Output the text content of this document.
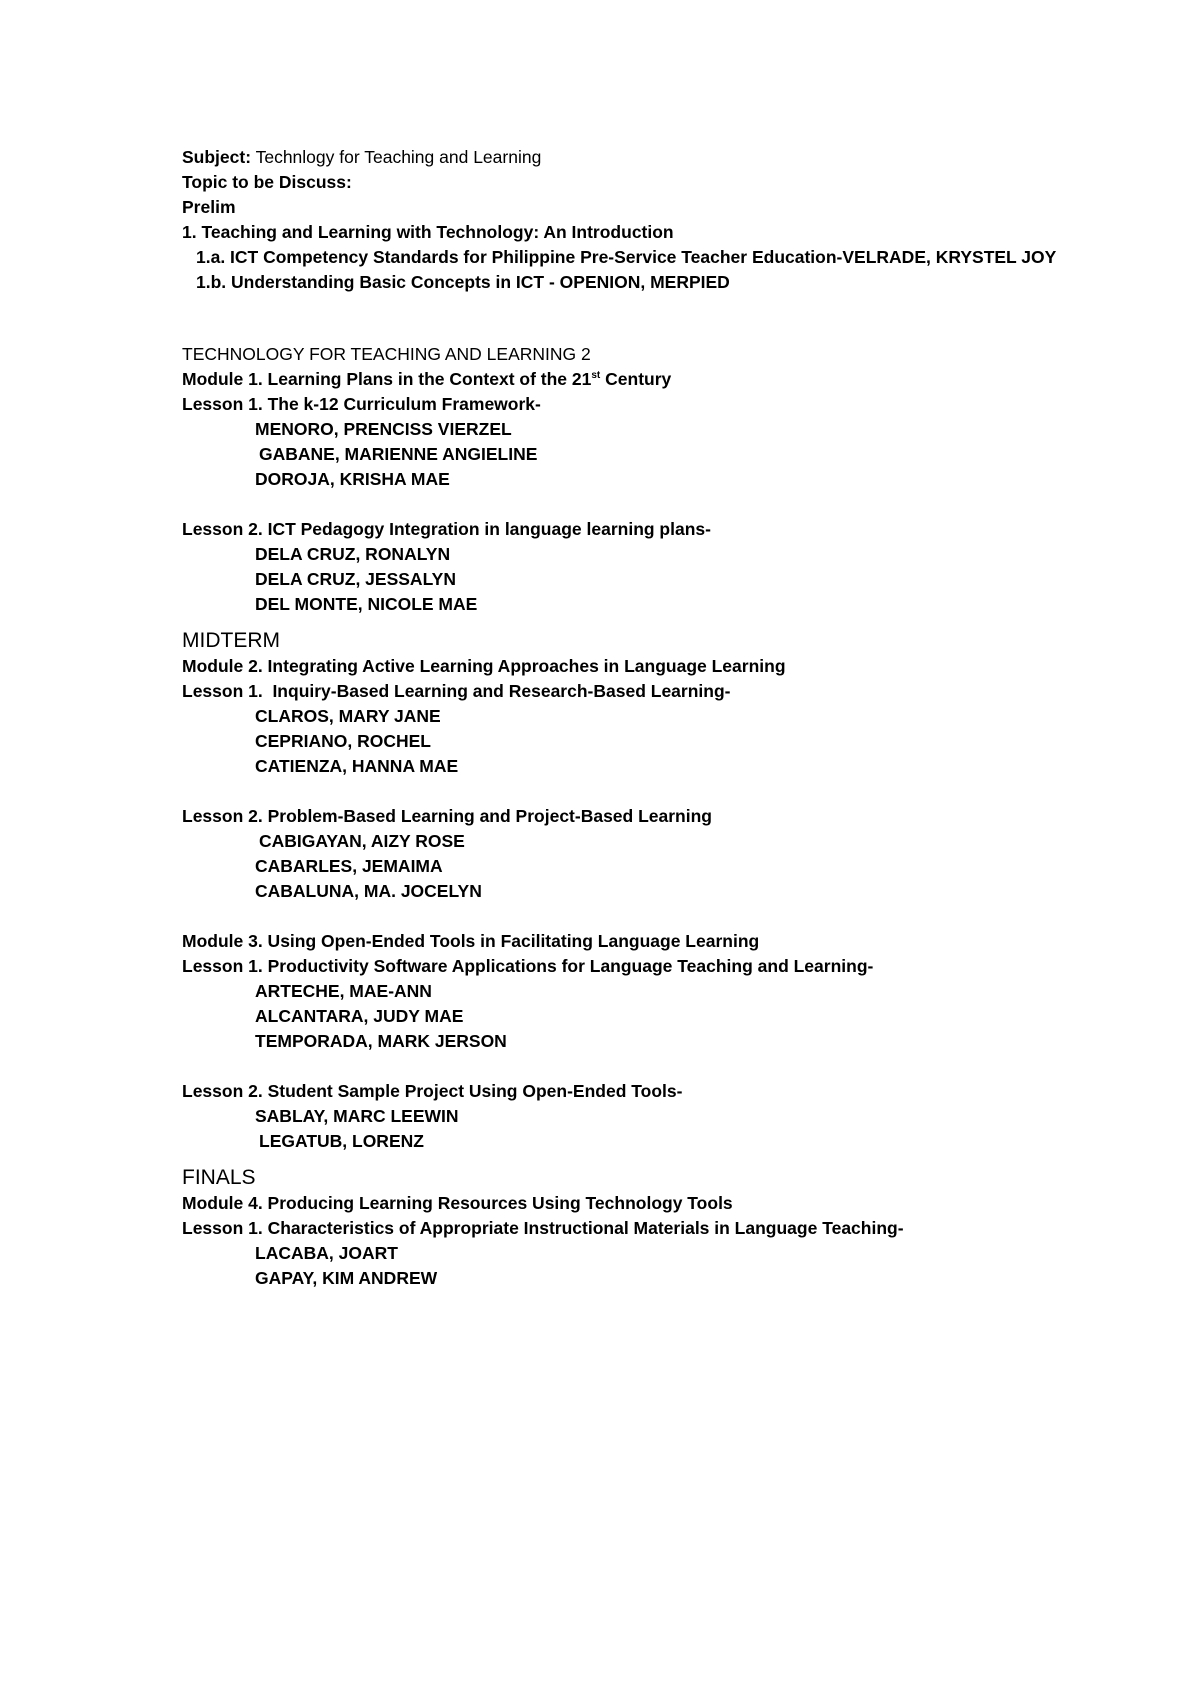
Subject: Technlogy for Teaching and Learning
Topic to be Discuss:
Prelim
1. Teaching and Learning with Technology: An Introduction
1.a. ICT Competency Standards for Philippine Pre-Service Teacher Education-VELRADE, KRYSTEL JOY
1.b. Understanding Basic Concepts in ICT - OPENION, MERPIED
TECHNOLOGY FOR TEACHING AND LEARNING 2
Module 1. Learning Plans in the Context of the 21st Century
Lesson 1. The k-12 Curriculum Framework-
MENORO, PRENCISS VIERZEL
GABANE, MARIENNE ANGIELINE
DOROJA, KRISHA MAE
Lesson 2. ICT Pedagogy Integration in language learning plans-
DELA CRUZ, RONALYN
DELA CRUZ, JESSALYN
DEL MONTE, NICOLE MAE
MIDTERM
Module 2. Integrating Active Learning Approaches in Language Learning
Lesson 1.  Inquiry-Based Learning and Research-Based Learning-
CLAROS, MARY JANE
CEPRIANO, ROCHEL
CATIENZA, HANNA MAE
Lesson 2. Problem-Based Learning and Project-Based Learning
CABIGAYAN, AIZY ROSE
CABARLES, JEMAIMA
CABALUNA, MA. JOCELYN
Module 3. Using Open-Ended Tools in Facilitating Language Learning
Lesson 1. Productivity Software Applications for Language Teaching and Learning-
ARTECHE, MAE-ANN
ALCANTARA, JUDY MAE
TEMPORADA, MARK JERSON
Lesson 2. Student Sample Project Using Open-Ended Tools-
SABLAY, MARC LEEWIN
LEGATUB, LORENZ
FINALS
Module 4. Producing Learning Resources Using Technology Tools
Lesson 1. Characteristics of Appropriate Instructional Materials in Language Teaching-
LACABA, JOART
GAPAY, KIM ANDREW
